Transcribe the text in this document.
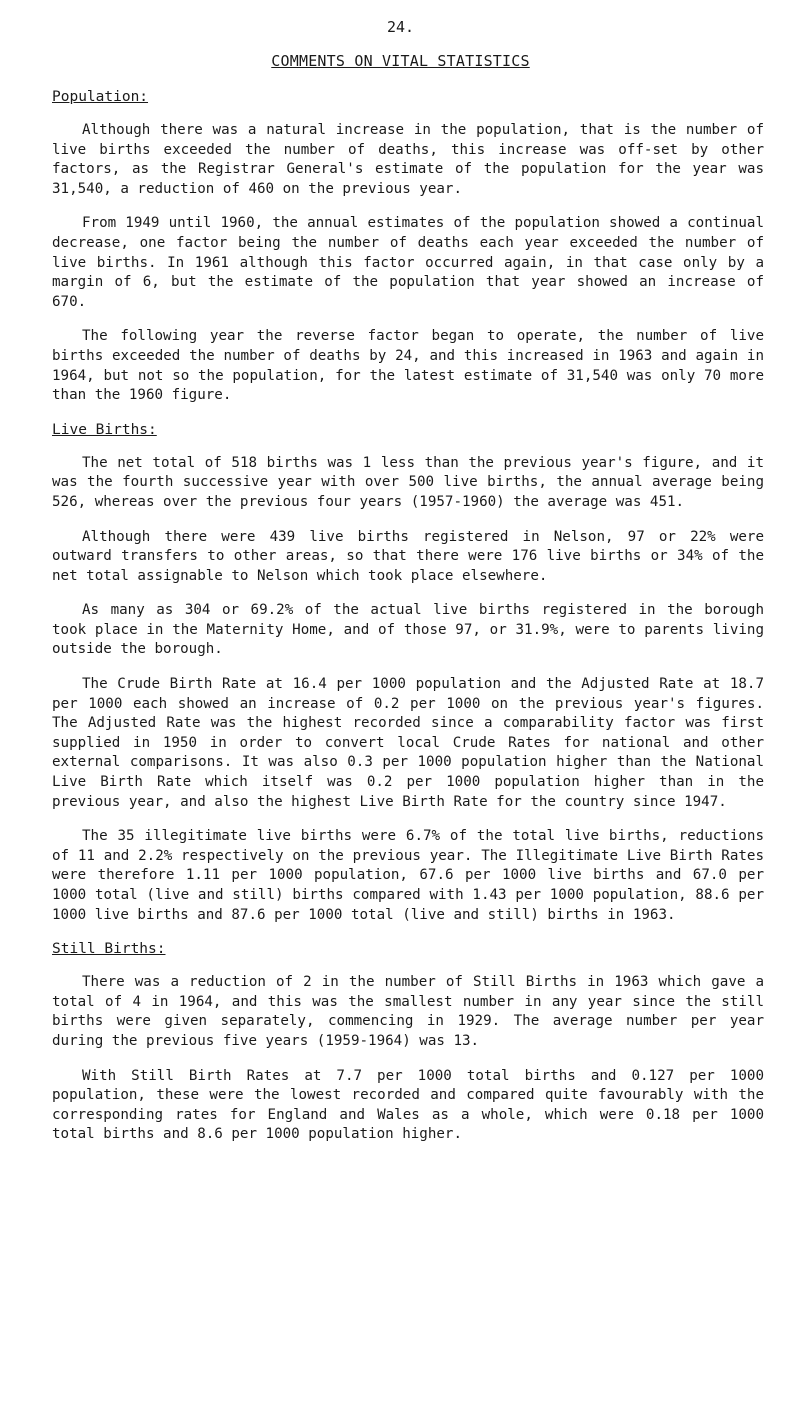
24.
COMMENTS ON VITAL STATISTICS
Population:

Although there was a natural increase in the population, that is the number of live births exceeded the number of deaths, this increase was off-set by other factors, as the Registrar General's estimate of the population for the year was 31,540, a reduction of 460 on the previous year.

From 1949 until 1960, the annual estimates of the population showed a continual decrease, one factor being the number of deaths each year exceeded the number of live births. In 1961 although this factor occurred again, in that case only by a margin of 6, but the estimate of the population that year showed an increase of 670.

The following year the reverse factor began to operate, the number of live births exceeded the number of deaths by 24, and this increased in 1963 and again in 1964, but not so the population, for the latest estimate of 31,540 was only 70 more than the 1960 figure.

Live Births:

The net total of 518 births was 1 less than the previous year's figure, and it was the fourth successive year with over 500 live births, the annual average being 526, whereas over the previous four years (1957-1960) the average was 451.

Although there were 439 live births registered in Nelson, 97 or 22% were outward transfers to other areas, so that there were 176 live births or 34% of the net total assignable to Nelson which took place elsewhere.

As many as 304 or 69.2% of the actual live births registered in the borough took place in the Maternity Home, and of those 97, or 31.9%, were to parents living outside the borough.

The Crude Birth Rate at 16.4 per 1000 population and the Adjusted Rate at 18.7 per 1000 each showed an increase of 0.2 per 1000 on the previous year's figures. The Adjusted Rate was the highest recorded since a comparability factor was first supplied in 1950 in order to convert local Crude Rates for national and other external comparisons. It was also 0.3 per 1000 population higher than the National Live Birth Rate which itself was 0.2 per 1000 population higher than in the previous year, and also the highest Live Birth Rate for the country since 1947.

The 35 illegitimate live births were 6.7% of the total live births, reductions of 11 and 2.2% respectively on the previous year. The Illegitimate Live Birth Rates were therefore 1.11 per 1000 population, 67.6 per 1000 live births and 67.0 per 1000 total (live and still) births compared with 1.43 per 1000 population, 88.6 per 1000 live births and 87.6 per 1000 total (live and still) births in 1963.

Still Births:

There was a reduction of 2 in the number of Still Births in 1963 which gave a total of 4 in 1964, and this was the smallest number in any year since the still births were given separately, commencing in 1929. The average number per year during the previous five years (1959-1964) was 13.

With Still Birth Rates at 7.7 per 1000 total births and 0.127 per 1000 population, these were the lowest recorded and compared quite favourably with the corresponding rates for England and Wales as a whole, which were 0.18 per 1000 total births and 8.6 per 1000 population higher.
